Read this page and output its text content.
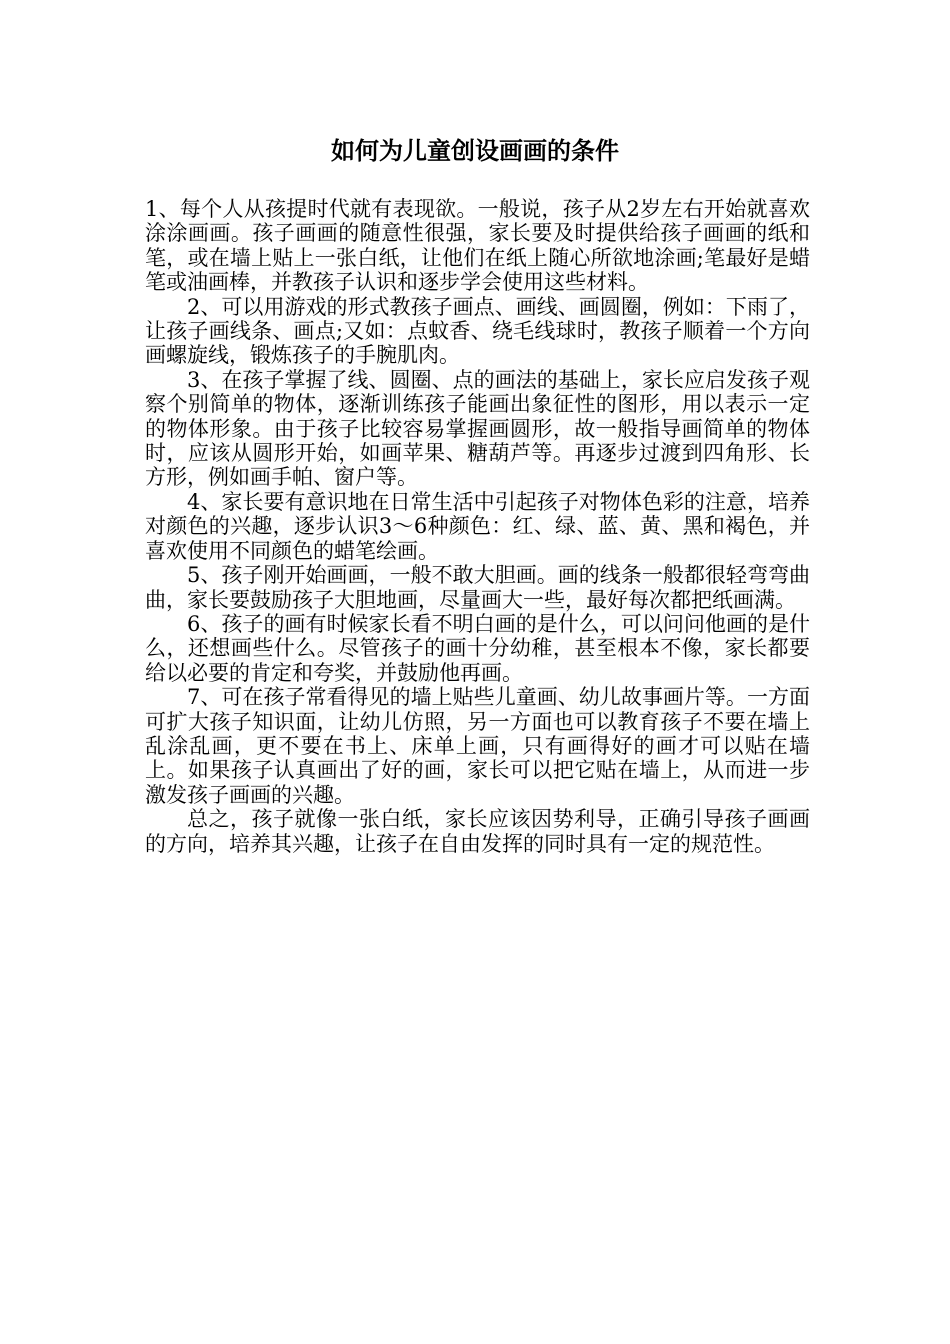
如何为儿童创设画画的条件

1、每个人从孩提时代就有表现欲。一般说，孩子从2岁左右开始就喜欢涂涂画画。孩子画画的随意性很强，家长要及时提供给孩子画画的纸和笔，或在墙上贴上一张白纸，让他们在纸上随心所欲地涂画;笔最好是蜡笔或油画棒，并教孩子认识和逐步学会使用这些材料。

2、可以用游戏的形式教孩子画点、画线、画圆圈，例如：下雨了，让孩子画线条、画点;又如：点蚊香、绕毛线球时，教孩子顺着一个方向画螺旋线，锻炼孩子的手腕肌肉。

3、在孩子掌握了线、圆圈、点的画法的基础上，家长应启发孩子观察个别简单的物体，逐渐训练孩子能画出象征性的图形，用以表示一定的物体形象。由于孩子比较容易掌握画圆形，故一般指导画简单的物体时，应该从圆形开始，如画苹果、糖葫芦等。再逐步过渡到四角形、长方形，例如画手帕、窗户等。

4、家长要有意识地在日常生活中引起孩子对物体色彩的注意，培养对颜色的兴趣，逐步认识3～6种颜色：红、绿、蓝、黄、黑和褐色，并喜欢使用不同颜色的蜡笔绘画。

5、孩子刚开始画画，一般不敢大胆画。画的线条一般都很轻弯弯曲曲，家长要鼓励孩子大胆地画，尽量画大一些，最好每次都把纸画满。

6、孩子的画有时候家长看不明白画的是什么，可以问问他画的是什么，还想画些什么。尽管孩子的画十分幼稚，甚至根本不像，家长都要给以必要的肯定和夸奖，并鼓励他再画。

7、可在孩子常看得见的墙上贴些儿童画、幼儿故事画片等。一方面可扩大孩子知识面，让幼儿仿照，另一方面也可以教育孩子不要在墙上乱涂乱画，更不要在书上、床单上画，只有画得好的画才可以贴在墙上。如果孩子认真画出了好的画，家长可以把它贴在墙上，从而进一步激发孩子画画的兴趣。

总之，孩子就像一张白纸，家长应该因势利导，正确引导孩子画画的方向，培养其兴趣，让孩子在自由发挥的同时具有一定的规范性。
